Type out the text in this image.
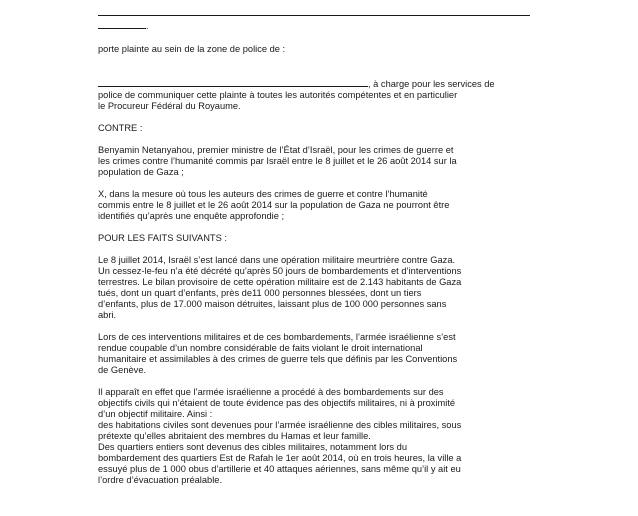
.

porte plainte au sein de la zone de police de :

, à charge pour les services de
police de communiquer cette plainte à toutes les autorités compétentes et en particulier
le Procureur Fédéral du Royaume.

CONTRE :

Benyamin Netanyahou, premier ministre de l’État d’Israël, pour les crimes de guerre et
les crimes contre l’humanité commis par Israël entre le 8 juillet et le 26 août 2014 sur la
population de Gaza ;
X, dans la mesure où tous les auteurs des crimes de guerre et contre l’humanité
commis entre le 8 juillet et le 26 août 2014 sur la population de Gaza ne pourront être
identifiés qu’après une enquête approfondie ;

POUR LES FAITS SUIVANTS :

Le 8 juillet 2014, Israël s’est lancé dans une opération militaire meurtrière contre Gaza.
Un cessez-le-feu n’a été décrété qu’après 50 jours de bombardements et d’interventions
terrestres. Le bilan provisoire de cette opération militaire est de 2.143 habitants de Gaza
tués, dont un quart d’enfants, près de11 000 personnes blessées, dont un tiers
d’enfants, plus de 17.000 maison détruites, laissant plus de 100 000 personnes sans
abri.
Lors de ces interventions militaires et de ces bombardements, l’armée israélienne s’est
rendue coupable d’un nombre considérable de faits violant le droit international
humanitaire et assimilables à des crimes de guerre tels que définis par les Conventions
de Genève.
Il apparaît en effet que l’armée israélienne a procédé à des bombardements sur des
objectifs civils qui n’étaient de toute évidence pas des objectifs militaires, ni à proximité
d’un objectif militaire. Ainsi :
des habitations civiles sont devenues pour l’armée israélienne des cibles militaires, sous
prétexte qu’elles abritaient des membres du Hamas et leur famille.
Des quartiers entiers sont devenus des cibles militaires, notamment lors du
bombardement des quartiers Est de Rafah le 1er août 2014, où en trois heures, la ville a
essuyé plus de 1 000 obus d’artillerie et 40 attaques aériennes, sans même qu’il y ait eu
l’ordre d’évacuation préalable.
